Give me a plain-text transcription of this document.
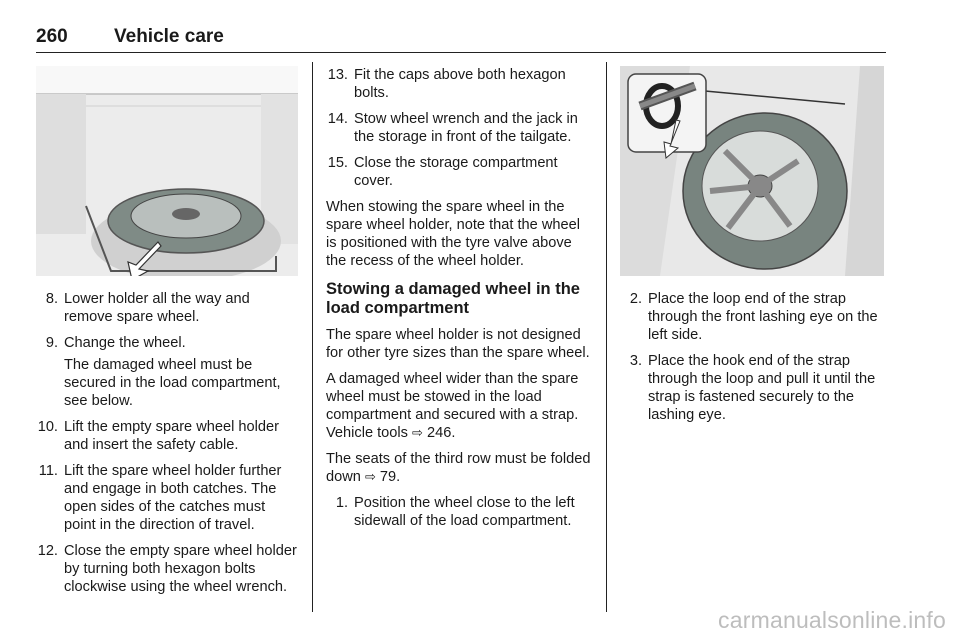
260 Vehicle care
8. Lower holder all the way and remove spare wheel.
9. Change the wheel.
The damaged wheel must be secured in the load compartment, see below.
10. Lift the empty spare wheel holder and insert the safety cable.
11. Lift the spare wheel holder further and engage in both catches. The open sides of the catches must point in the direction of travel.
12. Close the empty spare wheel holder by turning both hexagon bolts clockwise using the wheel wrench.
13. Fit the caps above both hexagon bolts.
14. Stow wheel wrench and the jack in the storage in front of the tailgate.
15. Close the storage compartment cover.

When stowing the spare wheel in the spare wheel holder, note that the wheel is positioned with the tyre valve above the recess of the wheel holder.

Stowing a damaged wheel in the load compartment

The spare wheel holder is not designed for other tyre sizes than the spare wheel.

A damaged wheel wider than the spare wheel must be stowed in the load compartment and secured with a strap. Vehicle tools ⇨ 246.

The seats of the third row must be folded down ⇨ 79.

1. Position the wheel close to the left sidewall of the load compartment.
2. Place the loop end of the strap through the front lashing eye on the left side.
3. Place the hook end of the strap through the loop and pull it until the strap is fastened securely to the lashing eye.
carmanualsonline.info
